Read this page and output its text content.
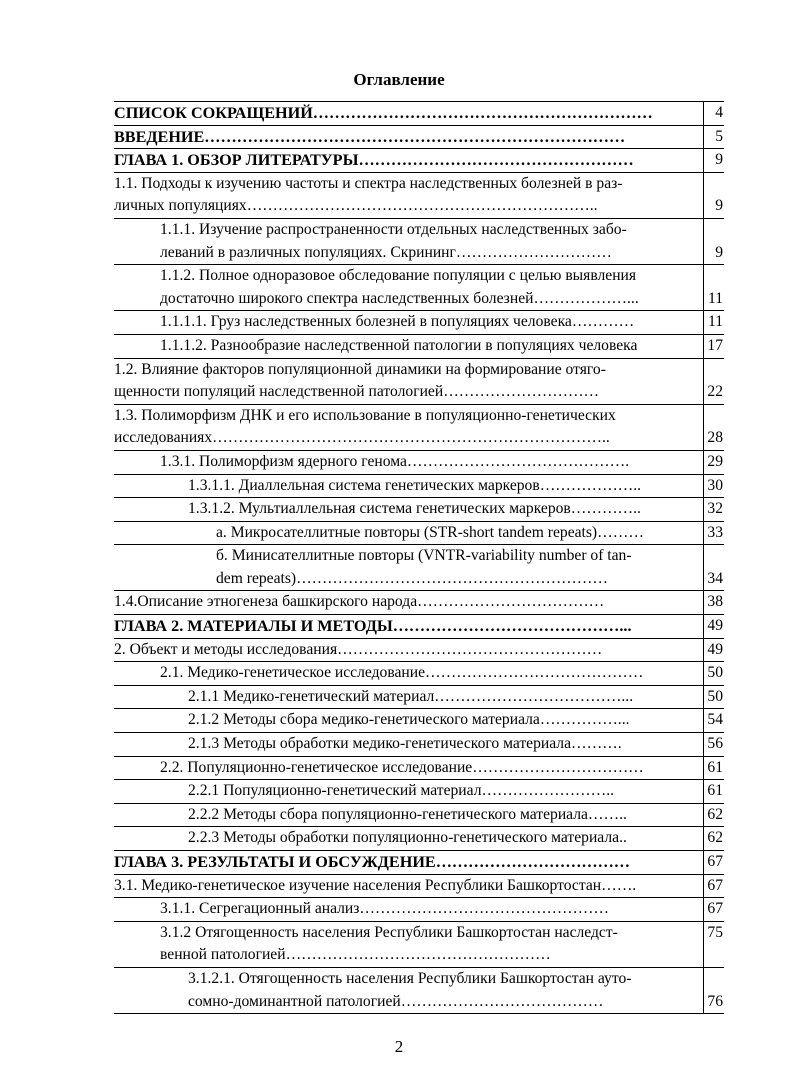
Оглавление
СПИСОК СОКРАЩЕНИЙ………………………………………………………	4

ВВЕДЕНИЕ……………………………………………………………………	5

ГЛАВА 1. ОБЗОР ЛИТЕРАТУРЫ……………………………………………	9

1.1. Подходы к изучению частоты и спектра наследственных болезней в раз-
личных популяциях…………………………………………………………..	9

1.1.1. Изучение распространенности отдельных наследственных забо-
леваний в различных популяциях. Скрининг…………………………	9

1.1.2. Полное одноразовое обследование популяции с целью выявления
достаточно широкого спектра наследственных болезней………………...	11

1.1.1.1. Груз наследственных болезней в популяциях человека…………	11

1.1.1.2. Разнообразие наследственной патологии в популяциях человека	17

1.2. Влияние факторов популяционной динамики на формирование отяго-
щенности популяций наследственной патологией…………………………	22

1.3. Полиморфизм ДНК и его использование в популяционно-генетических
исследованиях…………………………………………………………………..	28

1.3.1. Полиморфизм ядерного генома…………………………………….	29

1.3.1.1. Диаллельная система генетических маркеров………………..	30

1.3.1.2. Мультиаллельная система генетических маркеров…………..	32

а. Микросателлитные повторы (STR-short tandem repeats)………	33

б. Минисателлитные повторы (VNTR-variability number of tan-
dem repeats)……………………………………………………	34

1.4.Описание этногенеза башкирского народа………………………………	38

ГЛАВА 2. МАТЕРИАЛЫ И МЕТОДЫ……………………………………...	49

2. Объект и методы исследования……………………………………………	49

2.1. Медико-генетическое исследование……………………………………	50

2.1.1 Медико-генетический материал………………………………...	50

2.1.2 Методы сбора медико-генетического материала……………...	54

2.1.3 Методы обработки медико-генетического материала……….	56

2.2. Популяционно-генетическое исследование……………………………	61

2.2.1 Популяционно-генетический материал……………………..	61

2.2.2 Методы сбора популяционно-генетического материала……..	62

2.2.3 Методы обработки популяционно-генетического материала..	62

ГЛАВА 3. РЕЗУЛЬТАТЫ И ОБСУЖДЕНИЕ………………………………	67

3.1. Медико-генетическое изучение населения Республики Башкортостан…….	67

3.1.1. Сегрегационный анализ…………………………………………	67

3.1.2 Отягощенность населения Республики Башкортостан наследст-
венной патологией……………………………………………	75

3.1.2.1. Отягощенность населения Республики Башкортостан ауто-
сомно-доминантной патологией…………………………………	76
2
